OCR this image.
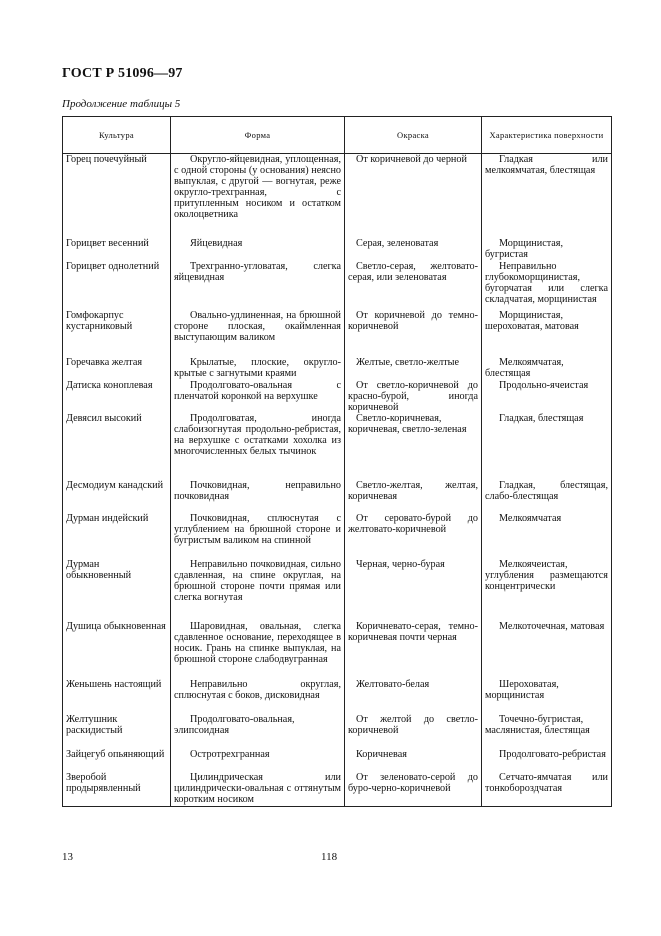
ГОСТ Р 51096—97
Продолжение таблицы 5
Культура	Форма	Окраска	Характеристика поверхности
Горец почечуйный	Округло-яйцевидная, уплощенная, с одной стороны (у основания) неясно выпуклая, с другой — вогнутая, реже округло-трехгранная, с притупленным носиком и остатком околоцветника	От коричневой до черной	Гладкая или мелкоямчатая, блестящая

Горицвет весенний	Яйцевидная	Серая, зеленоватая	Морщинистая, бугристая

Горицвет однолетний	Трехгранно-угловатая, слегка яйцевидная	Светло-серая, желтовато-серая, или зеленоватая	Неправильно глубокоморщинистая, бугорчатая или слегка складчатая, морщинистая

Гомфокарпус кустарниковый	Овально-удлиненная, на брюшной стороне плоская, окаймленная выступающим валиком	От коричневой до темно-коричневой	Морщинистая, шероховатая, матовая

Горечавка желтая	Крылатые, плоские, округло-крытые с загнутыми краями	Желтые, светло-желтые	Мелкоямчатая, блестящая

Датиска коноплевая	Продолговато-овальная с пленчатой коронкой на верхушке	От светло-коричневой до красно-бурой, иногда коричневой	Продольно-ячеистая

Девясил высокий	Продолговатая, иногда слабоизогнутая продольно-ребристая, на верхушке с остатками хохолка из многочисленных белых тычинок	Светло-коричневая, коричневая, светло-зеленая	Гладкая, блестящая

Десмодиум канадский	Почковидная, неправильно почковидная	Светло-желтая, желтая, коричневая	Гладкая, блестящая, слабо-блестящая

Дурман индейский	Почковидная, сплюснутая с углублением на брюшной стороне и бугристым валиком на спинной	От серовато-бурой до желтовато-коричневой	Мелкоямчатая

Дурман обыкновенный	Неправильно почковидная, сильно сдавленная, на спине округлая, на брюшной стороне почти прямая или слегка вогнутая	Черная, черно-бурая	Мелкоячеистая, углубления размещаются концентрически

Душица обыкновенная	Шаровидная, овальная, слегка сдавленное основание, переходящее в носик. Грань на спинке выпуклая, на брюшной стороне слабодвугранная	Коричневато-серая, темно-коричневая почти черная	Мелкоточечная, матовая

Женьшень настоящий	Неправильно округлая, сплюснутая с боков, дисковидная	Желтовато-белая	Шероховатая, морщинистая

Желтушник раскидистый	Продолговато-овальная, элипсоидная	От желтой до светло-коричневой	Точечно-бугристая, маслянистая, блестящая

Зайцегуб опьяняющий	Остротрехгранная	Коричневая	Продолговато-ребристая

Зверобой продырявленный	Цилиндрическая или цилиндрически-овальная с оттянутым коротким носиком	От зеленовато-серой до буро-черно-коричневой	Сетчато-ямчатая или тонкобороздчатая
13	118
